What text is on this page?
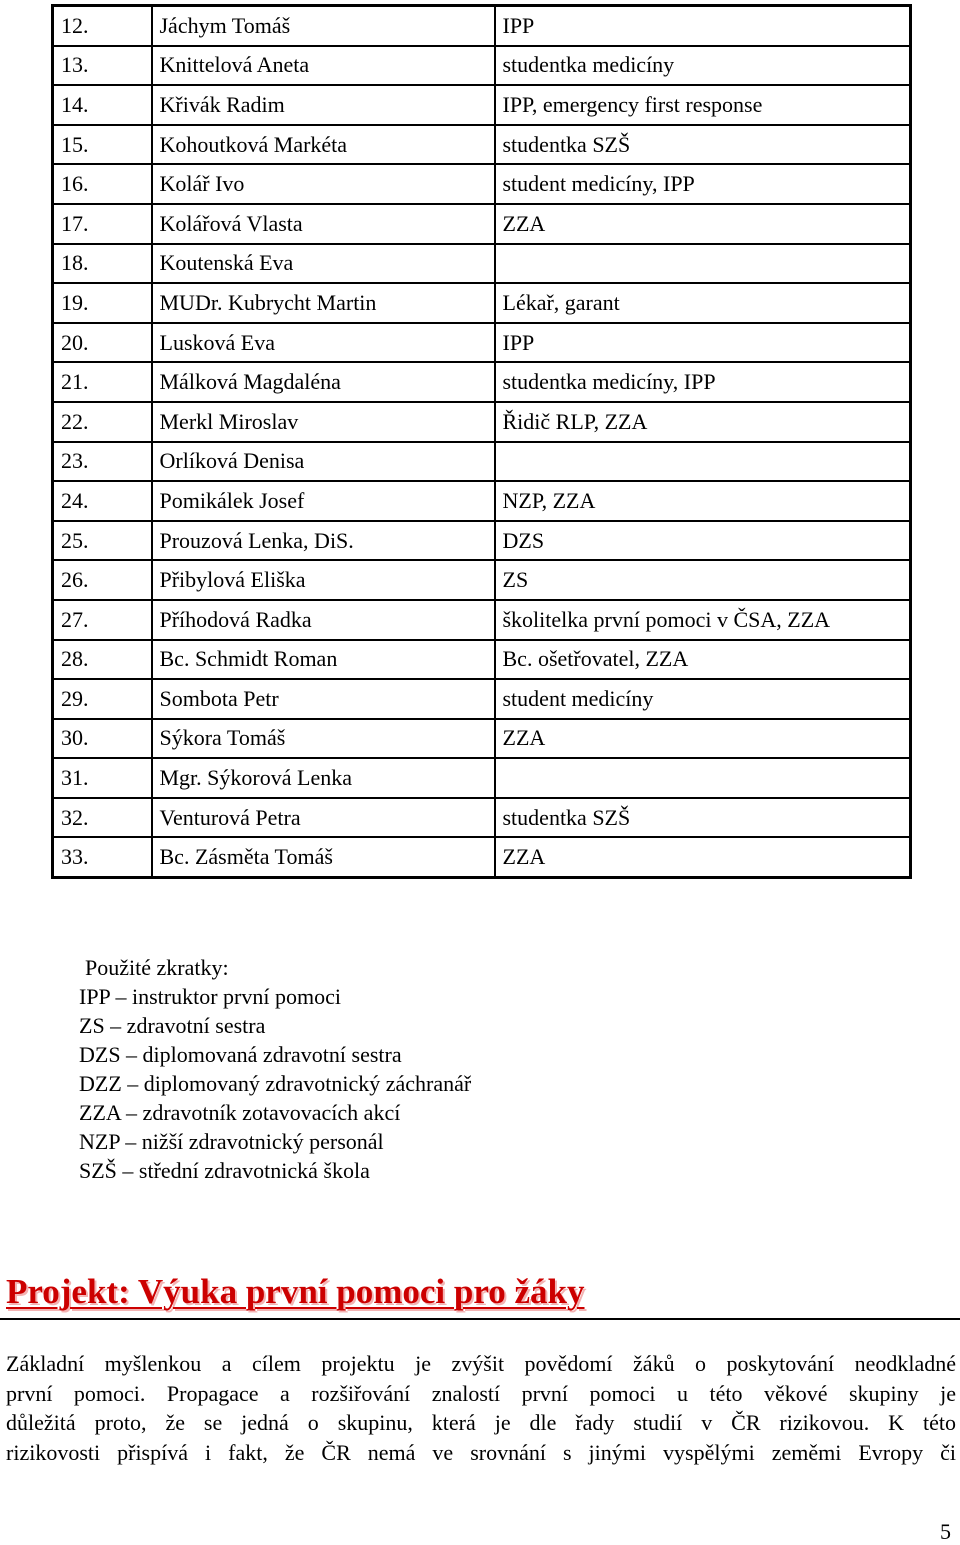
12.	Jáchym Tomáš	IPP
13.	Knittelová Aneta	studentka medicíny
14.	Křivák Radim	IPP, emergency first response
15.	Kohoutková Markéta	studentka SZŠ
16.	Kolář Ivo	student medicíny, IPP
17.	Kolářová Vlasta	ZZA
18.	Koutenská Eva	
19.	MUDr. Kubrycht Martin	Lékař, garant
20.	Lusková Eva	IPP
21.	Málková Magdaléna	studentka medicíny, IPP
22.	Merkl Miroslav	Řidič RLP, ZZA
23.	Orlíková Denisa	
24.	Pomikálek Josef	NZP, ZZA
25.	Prouzová Lenka, DiS.	DZS
26.	Přibylová Eliška	ZS
27.	Příhodová Radka	školitelka první pomoci v ČSA, ZZA
28.	Bc. Schmidt Roman	Bc. ošetřovatel, ZZA
29.	Sombota Petr	student medicíny
30.	Sýkora Tomáš	ZZA
31.	Mgr. Sýkorová Lenka	
32.	Venturová Petra	studentka SZŠ
33.	Bc. Zásměta Tomáš	ZZA
Použité zkratky:
IPP – instruktor první pomoci
ZS – zdravotní sestra
DZS – diplomovaná zdravotní sestra
DZZ – diplomovaný zdravotnický záchranář
ZZA – zdravotník zotavovacích akcí
NZP – nižší zdravotnický personál
SZŠ – střední zdravotnická škola
Projekt: Výuka první pomoci pro žáky

Základní myšlenkou a cílem projektu je zvýšit povědomí žáků o poskytování neodkladné
první pomoci. Propagace a rozšiřování znalostí první pomoci u této věkové skupiny je
důležitá proto, že se jedná o skupinu, která je dle řady studií v ČR rizikovou. K této
rizikovosti přispívá i fakt, že ČR nemá ve srovnání s jinými vyspělými zeměmi Evropy či

5
